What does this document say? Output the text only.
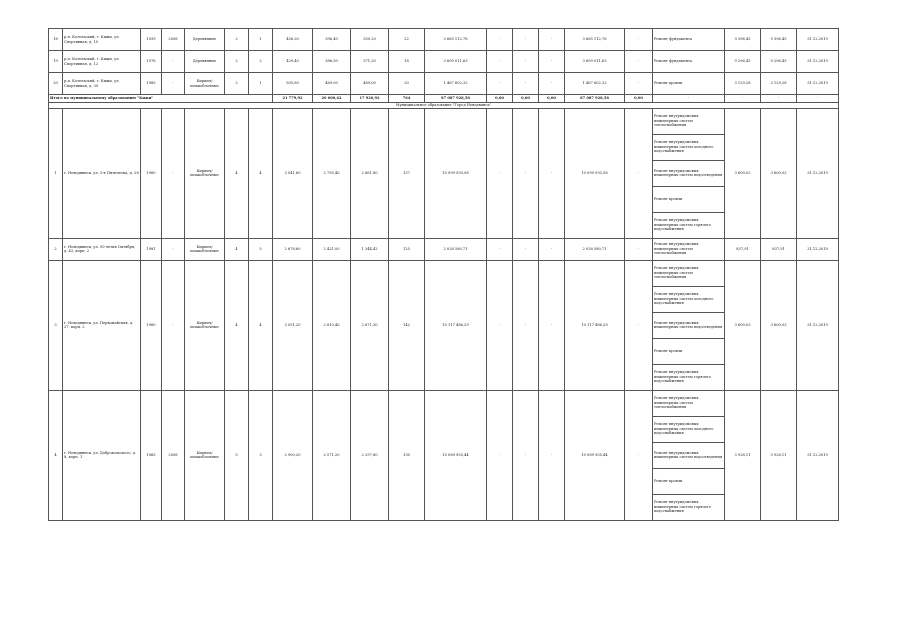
18	р.п. Котельский, г. Кижи, ул. Спортивная, д. 10	1939	2008	Деревянные	2	1	456,20	396,40	350,20	22	3 665 112,78	-	-	-	3 665 112,78	-	Ремонт фундамента	9 396,45	9 396,45	31.12.2019
19	р.п. Котельский, г. Кижи, ул. Спортивная, д. 12	1978	-	Деревянные	2	2	429,40	386,50	371,20	18	3 609 011,63	-	-	-	3 609 011,63	-	Ремонт фундамента	9 296,45	9 296,45	31.12.2019
20	р.п. Котельский, г. Кижи, ул. Спортивная, д. 30	1985	-	Кирпич/ шлакоблочные	2	1	505,80	469,00	469,00	20	1 467 602,32	-	-	-	1 467 602,32	-	Ремонт кровли	3 129,28	3 129,28	31.12.2019
Итого по муниципальному образованию "Кижи"							21 779,92	20 000,42	17 920,92	764	87 087 928,58	0,00	0,00	0,00	87 087 928,58	0,00	-	-	-	-
Муниципальное образование "Город Новодвинск"																				
1	г. Новодвинск, ул. 3-я Пятилетка, д. 28	1960	-	Кирпич/ шлакоблочные	4	4	3 041,60	2 795,40	2 861,80	137	10 099 593,58	-	-	-	10 099 593,58	-	Ремонт внутридомовых инженерных систем теплоснабжения	3 600,02	3 600,02	31.12.2019
																	Ремонт внутридомовых инженерных систем холодного водоснабжения			
																	Ремонт внутридомовых инженерных систем водоотведения			
																	Ремонт кровли			
																	Ремонт внутридомовых инженерных систем горячего водоснабжения			
2	г. Новодвинск, ул. 50-летия Октября, д. 43, корп. 2	1981	-	Кирпич/ шлакоблочные	4	5	2 678,60	2 421,00	1 344,42	125	2 028 580,71	-	-	-	2 028 580,71	-	Ремонт внутридомовых инженерных систем теплоснабжения	837,91	837,91	31.12.2019
3	г. Новодвинск, ул. Первомайская, д. 27, корп. 2	1960	-	Кирпич/ шлакоблочные	4	4	3 051,20	2 810,40	2 671,30	142	10 117 486,29	-	-	-	10 117 486,29	-	Ремонт внутридомовых инженерных систем теплоснабжения	3 600,03	3 600,03	31.12.2019
																	Ремонт внутридомовых инженерных систем холодного водоснабжения			
																	Ремонт внутридомовых инженерных систем водоотведения			
																	Ремонт кровли			
																	Ремонт внутридомовых инженерных систем горячего водоснабжения			
4	г. Новодвинск, ул. Добровольского, д. 8, корп. 1	1965	2008	Кирпич/ шлакоблочные	5	3	2 900,20	2 571,20	2 297,80	130	10 089 955,44	-	-	-	10 089 955,44	-	Ремонт внутридомовых инженерных систем теплоснабжения	3 928,11	3 928,11	31.12.2019
																	Ремонт внутридомовых инженерных систем холодного водоснабжения			
																	Ремонт внутридомовых инженерных систем водоотведения			
																	Ремонт кровли			
																	Ремонт внутридомовых инженерных систем горячего водоснабжения			
